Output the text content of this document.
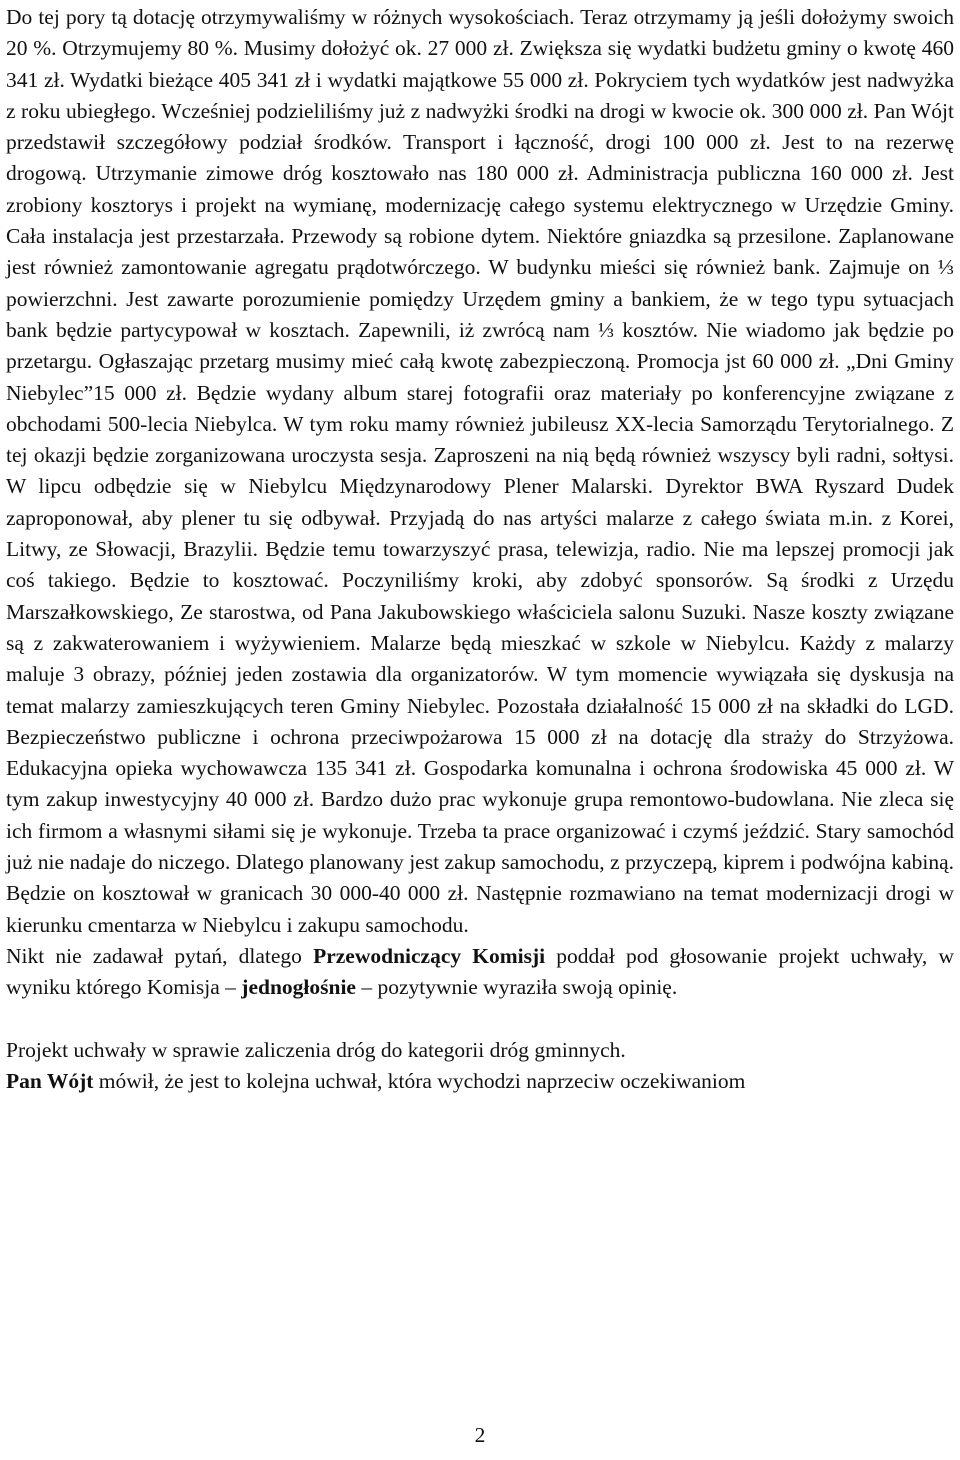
Do tej pory tą dotację otrzymywaliśmy w różnych wysokościach. Teraz otrzymamy ją jeśli dołożymy swoich 20 %. Otrzymujemy 80 %. Musimy dołożyć ok. 27 000 zł. Zwiększa się wydatki budżetu gminy o kwotę 460 341 zł. Wydatki bieżące 405 341 zł i wydatki majątkowe 55 000 zł. Pokryciem tych wydatków jest nadwyżka z roku ubiegłego. Wcześniej podzieliliśmy już z nadwyżki środki na drogi w kwocie ok. 300 000 zł. Pan Wójt przedstawił szczegółowy podział środków. Transport i łączność, drogi 100 000 zł. Jest to na rezerwę drogową. Utrzymanie zimowe dróg kosztowało nas 180 000 zł. Administracja publiczna 160 000 zł. Jest zrobiony kosztorys i projekt na wymianę, modernizację całego systemu elektrycznego w Urzędzie Gminy. Cała instalacja jest przestarzała. Przewody są robione dytem. Niektóre gniazdka są przesilone. Zaplanowane jest również zamontowanie agregatu prądotwórczego. W budynku mieści się również bank. Zajmuje on ⅓ powierzchni. Jest zawarte porozumienie pomiędzy Urzędem gminy a bankiem, że w tego typu sytuacjach bank będzie partycypował w kosztach. Zapewnili, iż zwrócą nam ⅓ kosztów. Nie wiadomo jak będzie po przetargu. Ogłaszając przetarg musimy mieć całą kwotę zabezpieczoną. Promocja jst 60 000 zł. „Dni Gminy Niebylec”15 000 zł. Będzie wydany album starej fotografii oraz materiały po konferencyjne związane z obchodami 500-lecia Niebylca. W tym roku mamy również jubileusz XX-lecia Samorządu Terytorialnego. Z tej okazji będzie zorganizowana uroczysta sesja. Zaproszeni na nią będą również wszyscy byli radni, sołtysi. W lipcu odbędzie się w Niebylcu Międzynarodowy Plener Malarski. Dyrektor BWA Ryszard Dudek zaproponował, aby plener tu się odbywał. Przyjadą do nas artyści malarze z całego świata m.in. z Korei, Litwy, ze Słowacji, Brazylii. Będzie temu towarzyszyć prasa, telewizja, radio. Nie ma lepszej promocji jak coś takiego. Będzie to kosztować. Poczyniliśmy kroki, aby zdobyć sponsorów. Są środki z Urzędu Marszałkowskiego, Ze starostwa, od Pana Jakubowskiego właściciela salonu Suzuki. Nasze koszty związane są z zakwaterowaniem i wyżywieniem. Malarze będą mieszkać w szkole w Niebylcu. Każdy z malarzy maluje 3 obrazy, później jeden zostawia dla organizatorów. W tym momencie wywiązała się dyskusja na temat malarzy zamieszkujących teren Gminy Niebylec. Pozostała działalność 15 000 zł na składki do LGD. Bezpieczeństwo publiczne i ochrona przeciwpożarowa 15 000 zł na dotację dla straży do Strzyżowa. Edukacyjna opieka wychowawcza 135 341 zł. Gospodarka komunalna i ochrona środowiska 45 000 zł. W tym zakup inwestycyjny 40 000 zł. Bardzo dużo prac wykonuje grupa remontowo-budowlana. Nie zleca się ich firmom a własnymi siłami się je wykonuje. Trzeba ta prace organizować i czymś jeździć. Stary samochód już nie nadaje do niczego. Dlatego planowany jest zakup samochodu, z przyczepą, kiprem i podwójna kabiną. Będzie on kosztował w granicach 30 000-40 000 zł. Następnie rozmawiano na temat modernizacji drogi w kierunku cmentarza w Niebylcu i zakupu samochodu.

Nikt nie zadawał pytań, dlatego Przewodniczący Komisji poddał pod głosowanie projekt uchwały, w wyniku którego Komisja – jednogłośnie – pozytywnie wyraziła swoją opinię.

Projekt uchwały w sprawie zaliczenia dróg do kategorii dróg gminnych.

Pan Wójt mówił, że jest to kolejna uchwał, która wychodzi naprzeciw oczekiwaniom

2
